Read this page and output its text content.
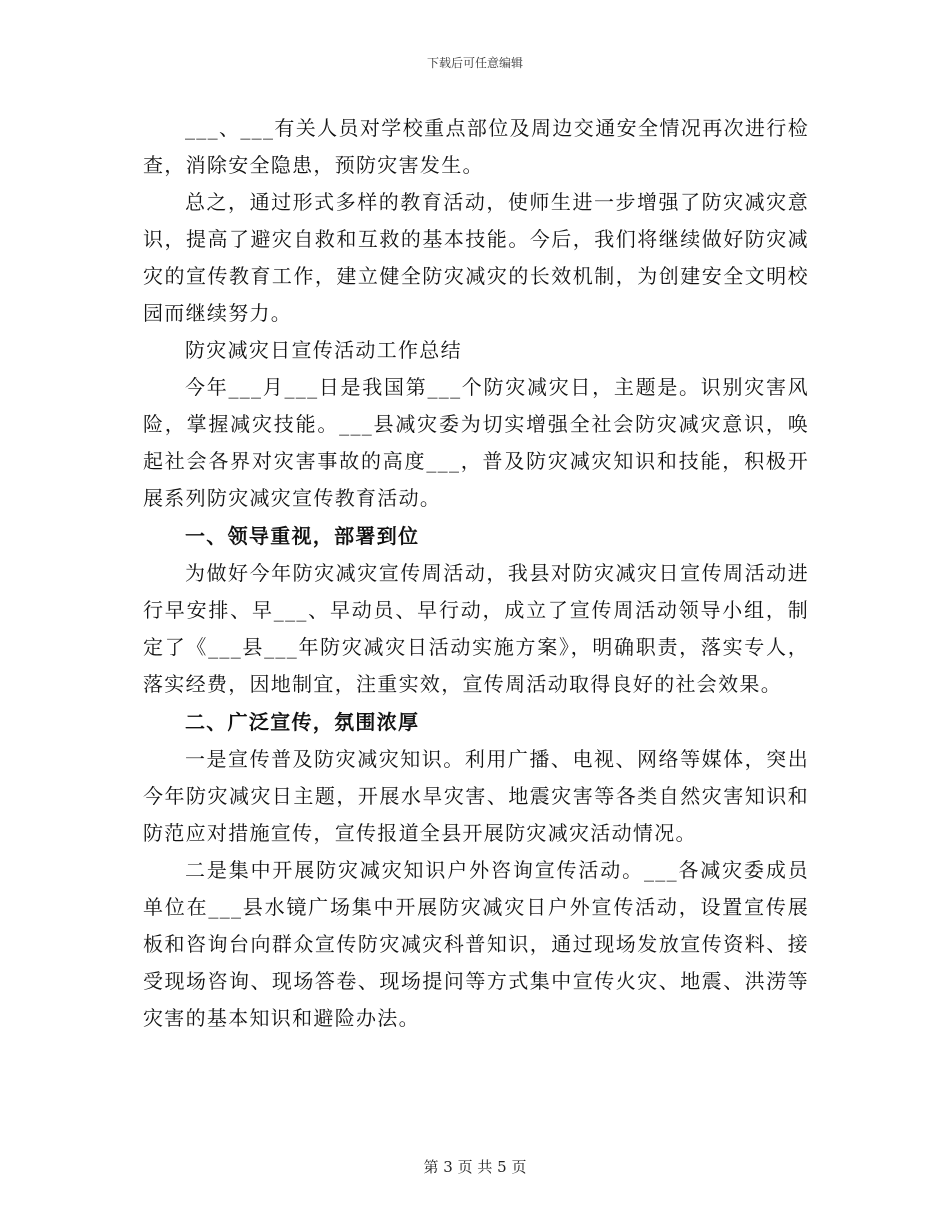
下载后可任意编辑

___、___有关人员对学校重点部位及周边交通安全情况再次进行检查，消除安全隐患，预防灾害发生。

总之，通过形式多样的教育活动，使师生进一步增强了防灾减灾意识，提高了避灾自救和互救的基本技能。今后，我们将继续做好防灾减灾的宣传教育工作，建立健全防灾减灾的长效机制，为创建安全文明校园而继续努力。

防灾减灾日宣传活动工作总结

今年___月___日是我国第___个防灾减灾日，主题是。识别灾害风险，掌握减灾技能。___县减灾委为切实增强全社会防灾减灾意识，唤起社会各界对灾害事故的高度___，普及防灾减灾知识和技能，积极开展系列防灾减灾宣传教育活动。

一、领导重视，部署到位

为做好今年防灾减灾宣传周活动，我县对防灾减灾日宣传周活动进行早安排、早___、早动员、早行动，成立了宣传周活动领导小组，制定了《___县___年防灾减灾日活动实施方案》，明确职责，落实专人，落实经费，因地制宜，注重实效，宣传周活动取得良好的社会效果。

二、广泛宣传，氛围浓厚

一是宣传普及防灾减灾知识。利用广播、电视、网络等媒体，突出今年防灾减灾日主题，开展水旱灾害、地震灾害等各类自然灾害知识和防范应对措施宣传，宣传报道全县开展防灾减灾活动情况。

二是集中开展防灾减灾知识户外咨询宣传活动。___各减灾委成员单位在___县水镜广场集中开展防灾减灾日户外宣传活动，设置宣传展板和咨询台向群众宣传防灾减灾科普知识，通过现场发放宣传资料、接受现场咨询、现场答卷、现场提问等方式集中宣传火灾、地震、洪涝等灾害的基本知识和避险办法。

第 3 页 共 5 页
